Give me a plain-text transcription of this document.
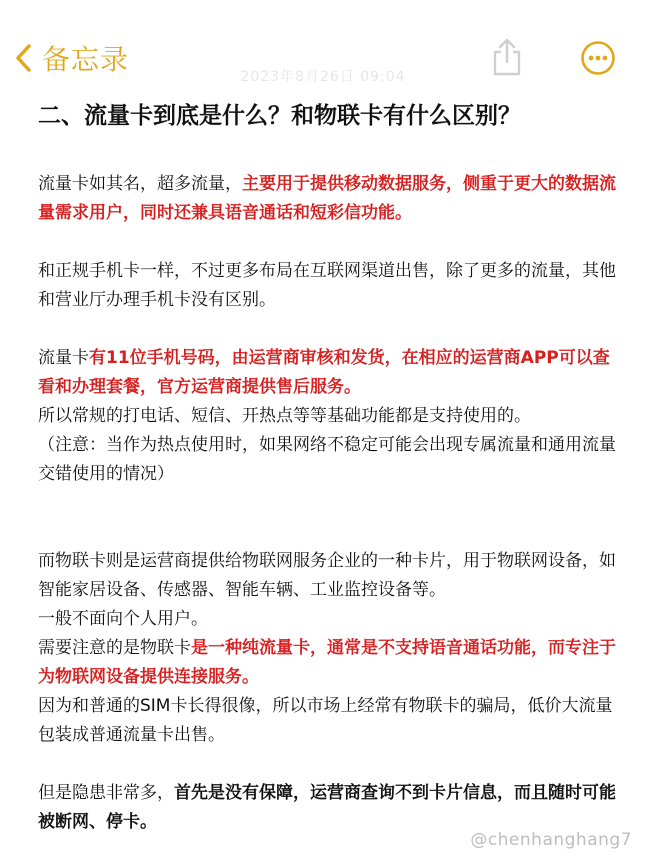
备忘录
2023年8月26日 09:04
二、流量卡到底是什么？和物联卡有什么区别？

流量卡如其名，超多流量，主要用于提供移动数据服务，侧重于更大的数据流量需求用户，同时还兼具语音通话和短彩信功能。

和正规手机卡一样，不过更多布局在互联网渠道出售，除了更多的流量，其他和营业厅办理手机卡没有区别。

流量卡有11位手机号码，由运营商审核和发货，在相应的运营商APP可以查看和办理套餐，官方运营商提供售后服务。

所以常规的打电话、短信、开热点等等基础功能都是支持使用的。

（注意：当作为热点使用时，如果网络不稳定可能会出现专属流量和通用流量交错使用的情况）

而物联卡则是运营商提供给物联网服务企业的一种卡片，用于物联网设备，如智能家居设备、传感器、智能车辆、工业监控设备等。

一般不面向个人用户。

需要注意的是物联卡是一种纯流量卡，通常是不支持语音通话功能，而专注于为物联网设备提供连接服务。

因为和普通的SIM卡长得很像，所以市场上经常有物联卡的骗局，低价大流量包装成普通流量卡出售。

但是隐患非常多，首先是没有保障，运营商查询不到卡片信息，而且随时可能被断网、停卡。

@chenhanghang7
